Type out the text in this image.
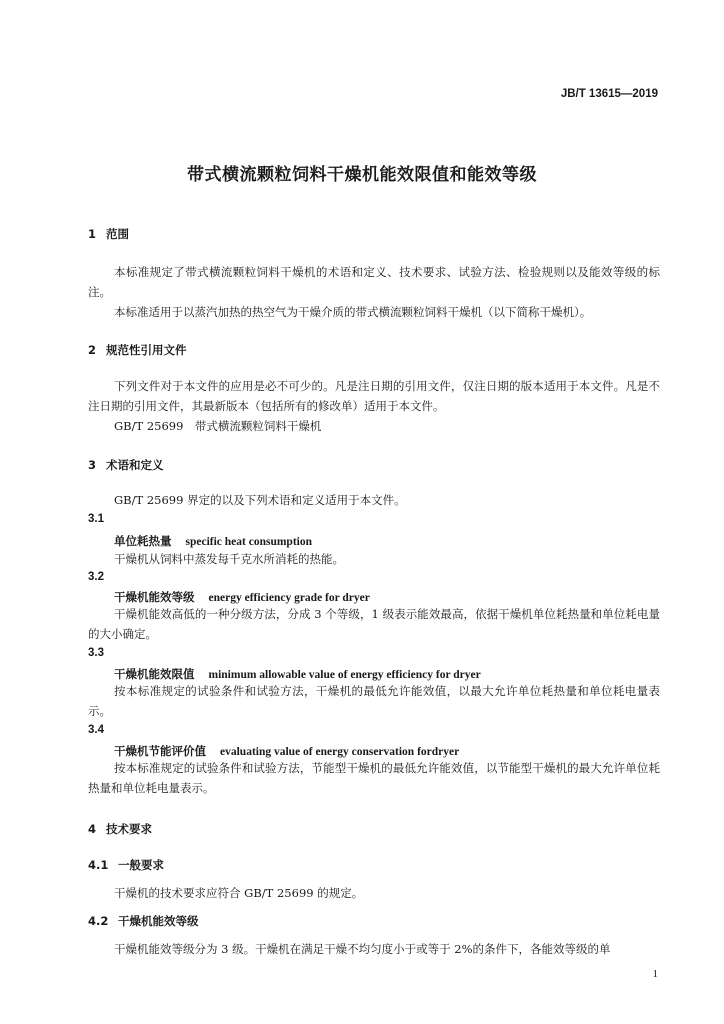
JB/T 13615—2019
带式横流颗粒饲料干燥机能效限值和能效等级
1 范围
本标准规定了带式横流颗粒饲料干燥机的术语和定义、技术要求、试验方法、检验规则以及能效等级的标注。
本标准适用于以蒸汽加热的热空气为干燥介质的带式横流颗粒饲料干燥机（以下简称干燥机）。
2 规范性引用文件
下列文件对于本文件的应用是必不可少的。凡是注日期的引用文件，仅注日期的版本适用于本文件。凡是不注日期的引用文件，其最新版本（包括所有的修改单）适用于本文件。
GB/T 25699　带式横流颗粒饲料干燥机
3 术语和定义
GB/T 25699 界定的以及下列术语和定义适用于本文件。
3.1
单位耗热量 specific heat consumption
干燥机从饲料中蒸发每千克水所消耗的热能。
3.2
干燥机能效等级 energy efficiency grade for dryer
干燥机能效高低的一种分级方法，分成 3 个等级，1 级表示能效最高，依据干燥机单位耗热量和单位耗电量的大小确定。
3.3
干燥机能效限值 minimum allowable value of energy efficiency for dryer
按本标准规定的试验条件和试验方法，干燥机的最低允许能效值，以最大允许单位耗热量和单位耗电量表示。
3.4
干燥机节能评价值 evaluating value of energy conservation fordryer
按本标准规定的试验条件和试验方法，节能型干燥机的最低允许能效值，以节能型干燥机的最大允许单位耗热量和单位耗电量表示。
4 技术要求
4.1 一般要求
干燥机的技术要求应符合 GB/T 25699 的规定。
4.2 干燥机能效等级
干燥机能效等级分为 3 级。干燥机在满足干燥不均匀度小于或等于 2%的条件下，各能效等级的单
1
